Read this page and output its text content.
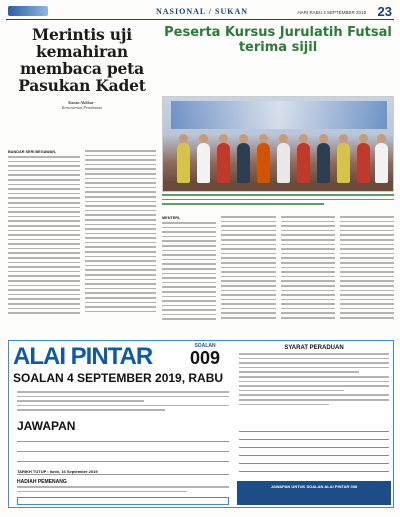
NASIONAL / SUKAN	HARI RABU 4 SEPTEMBER 2019 23
Merintis uji kemahiran membaca peta Pasukan Kadet
Siaran Akhbar -
Kementerian Pertahanan
BANDAR SERI BEGAWAN,
Peserta Kursus Jurulatih Futsal terima sijil
MENTERI,
ALAI PINTAR	SOALAN
009
SOALAN 4 SEPTEMBER 2019, RABU
JAWAPAN
TARIKH TUTUP : Isnin, 16 September 2019
HADIAH PEMENANG
SYARAT PERADUAN
JAWAPAN UNTUK SOALAN ALAI PINTAR 008
